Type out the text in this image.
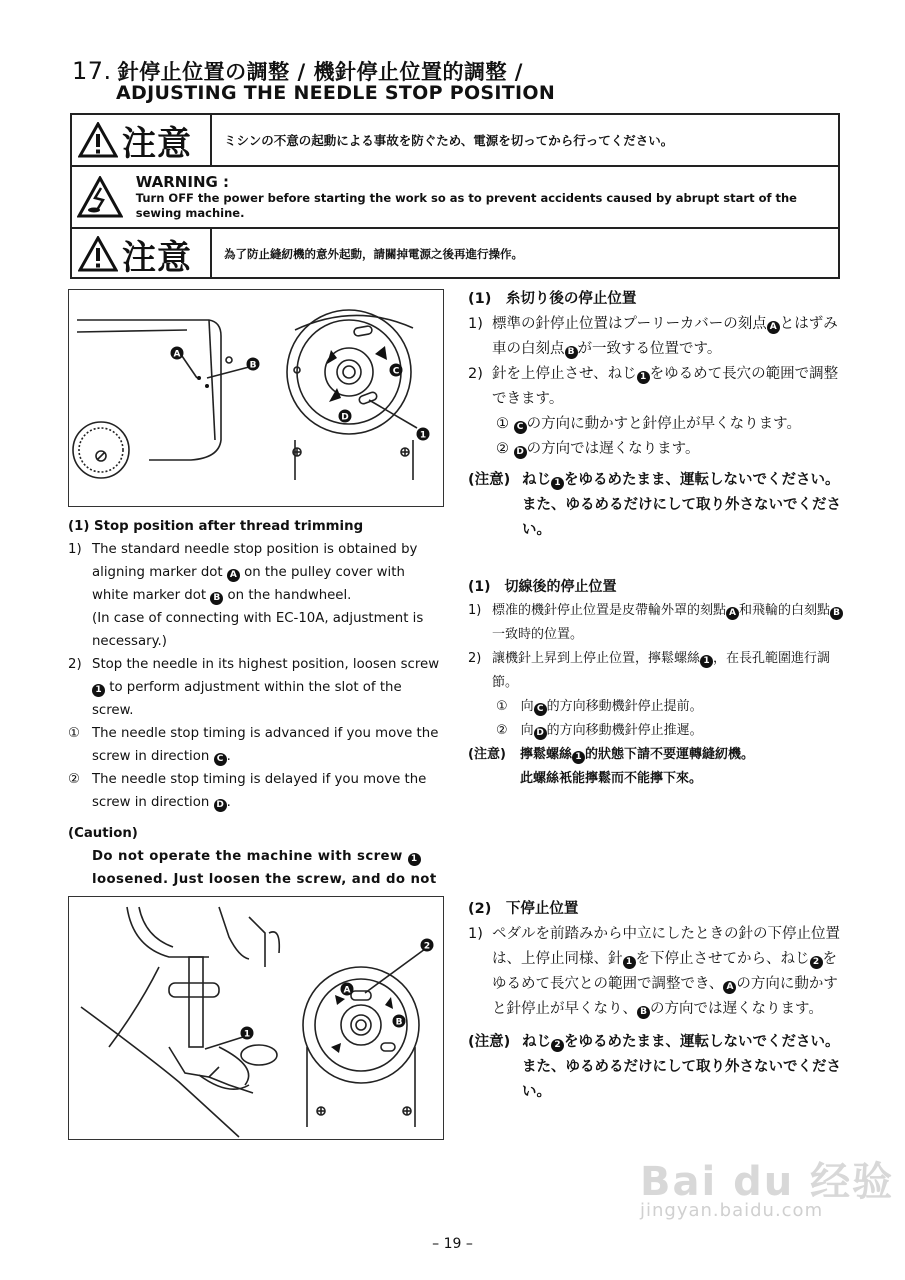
17. 針停止位置の調整 / 機針停止位置的調整 /
ADJUSTING THE NEEDLE STOP POSITION
注意	ミシンの不意の起動による事故を防ぐため、電源を切ってから行ってください。
WARNING :
Turn OFF the power before starting the work so as to prevent accidents caused by abrupt start of the sewing machine.
注意	為了防止縫紉機的意外起動，請關掉電源之後再進行操作。
A
B
C
D
1
(1) Stop position after thread trimming
1) The standard needle stop position is obtained by aligning marker dot A on the pulley cover with white marker dot B on the handwheel.
(In case of connecting with EC-10A, adjustment is necessary.)
2) Stop the needle in its highest position, loosen screw 1 to perform adjustment within the slot of the screw.
① The needle stop timing is advanced if you move the screw in direction C .
② The needle stop timing is delayed if you move the screw in direction D .
(Caution)
Do not operate the machine with screw 1 loosened. Just loosen the screw, and do not
(1)　糸切り後の停止位置
1) 標準の針停止位置はプーリーカバーの刻点 A とはずみ車の白刻点 B が一致する位置です。
2) 針を上停止させ、ねじ 1 をゆるめて長穴の範囲で調整できます。
① C の方向に動かすと針停止が早くなります。
② D の方向では遅くなります。
(注意) ねじ 1 をゆるめたまま、運転しないでください。
また、ゆるめるだけにして取り外さないでください。
(1)　切線後的停止位置
1) 標准的機針停止位置是皮帶輪外罩的刻點 A 和飛輪的白刻點 B一致時的位置。
2) 讓機針上昇到上停止位置，擰鬆螺絲 1 ，在長孔範圍進行調節。
①　向 C 的方向移動機針停止提前。
②　向 D 的方向移動機針停止推遲。
(注意) 擰鬆螺絲 1 的狀態下請不要運轉縫紉機。
此螺絲衹能擰鬆而不能擰下來。
2
A
B
1
(2)　下停止位置
1) ペダルを前踏みから中立にしたときの針の下停止位置は、上停止同様、針 1 を下停止させてから、ねじ 2 をゆるめて長穴との範囲で調整でき、 A の方向に動かすと針停止が早くなり、 B の方向では遅くなります。
(注意) ねじ 2 をゆるめたまま、運転しないでください。
また、ゆるめるだけにして取り外さないでください。
Bai du 经验
jingyan.baidu.com
– 19 –
